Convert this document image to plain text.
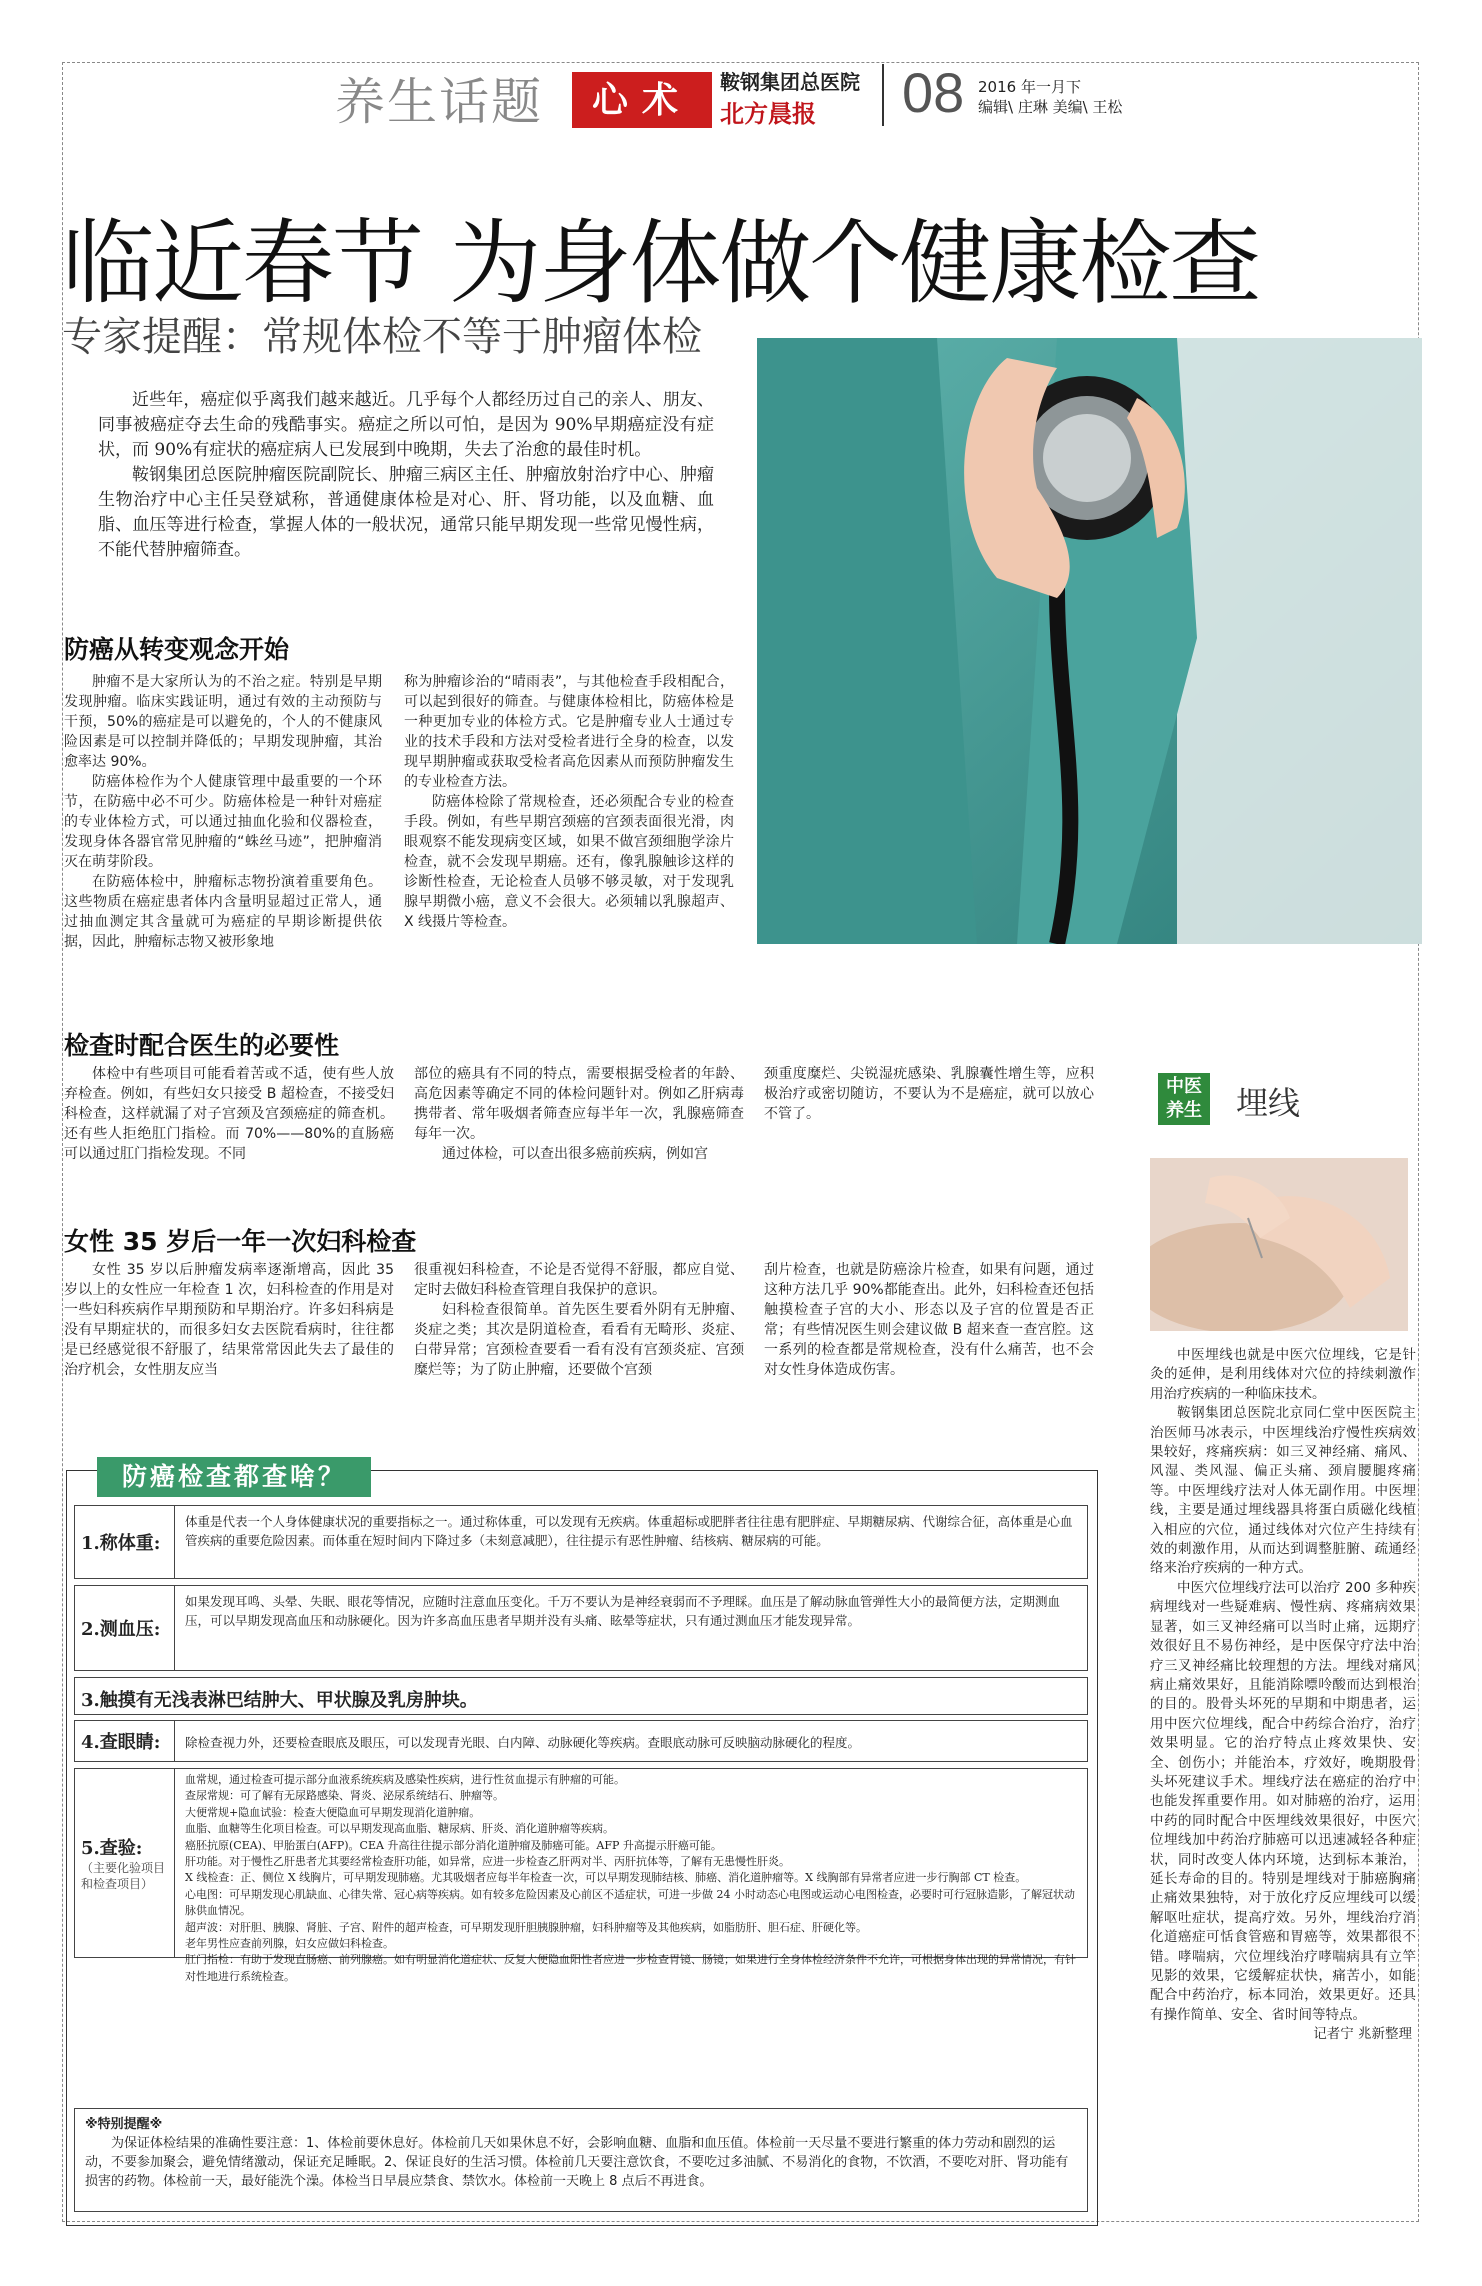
养生话题	心术	鞍钢集团总医院
北方晨报 08 2016 年一月下
编辑\ 庄琳 美编\ 王松
临近春节 为身体做个健康检查
专家提醒：常规体检不等于肿瘤体检

近些年，癌症似乎离我们越来越近。几乎每个人都经历过自己的亲人、朋友、同事被癌症夺去生命的残酷事实。癌症之所以可怕，是因为 90%早期癌症没有症状，而 90%有症状的癌症病人已发展到中晚期，失去了治愈的最佳时机。

鞍钢集团总医院肿瘤医院副院长、肿瘤三病区主任、肿瘤放射治疗中心、肿瘤生物治疗中心主任吴登斌称，普通健康体检是对心、肝、肾功能，以及血糖、血脂、血压等进行检查，掌握人体的一般状况，通常只能早期发现一些常见慢性病，不能代替肿瘤筛查。

防癌从转变观念开始

肿瘤不是大家所认为的不治之症。特别是早期发现肿瘤。临床实践证明，通过有效的主动预防与干预，50%的癌症是可以避免的，个人的不健康风险因素是可以控制并降低的；早期发现肿瘤，其治愈率达 90%。

防癌体检作为个人健康管理中最重要的一个环节，在防癌中必不可少。防癌体检是一种针对癌症的专业体检方式，可以通过抽血化验和仪器检查，发现身体各器官常见肿瘤的“蛛丝马迹”，把肿瘤消灭在萌芽阶段。

在防癌体检中，肿瘤标志物扮演着重要角色。这些物质在癌症患者体内含量明显超过正常人，通过抽血测定其含量就可为癌症的早期诊断提供依据，因此，肿瘤标志物又被形象地

称为肿瘤诊治的“晴雨表”，与其他检查手段相配合，可以起到很好的筛查。与健康体检相比，防癌体检是一种更加专业的体检方式。它是肿瘤专业人士通过专业的技术手段和方法对受检者进行全身的检查，以发现早期肿瘤或获取受检者高危因素从而预防肿瘤发生的专业检查方法。

防癌体检除了常规检查，还必须配合专业的检查手段。例如，有些早期宫颈癌的宫颈表面很光滑，肉眼观察不能发现病变区域，如果不做宫颈细胞学涂片检查，就不会发现早期癌。还有，像乳腺触诊这样的诊断性检查，无论检查人员够不够灵敏，对于发现乳腺早期微小癌，意义不会很大。必须辅以乳腺超声、X 线摄片等检查。

检查时配合医生的必要性

体检中有些项目可能看着苦或不适，使有些人放弃检查。例如，有些妇女只接受 B 超检查，不接受妇科检查，这样就漏了对子宫颈及宫颈癌症的筛查机。还有些人拒绝肛门指检。而 70%——80%的直肠癌可以通过肛门指检发现。不同

部位的癌具有不同的特点，需要根据受检者的年龄、高危因素等确定不同的体检问题针对。例如乙肝病毒携带者、常年吸烟者筛查应每半年一次，乳腺癌筛查每年一次。

通过体检，可以查出很多癌前疾病，例如宫

颈重度糜烂、尖锐湿疣感染、乳腺囊性增生等，应积极治疗或密切随访，不要认为不是癌症，就可以放心不管了。

女性 35 岁后一年一次妇科检查

女性 35 岁以后肿瘤发病率逐渐增高，因此 35 岁以上的女性应一年检查 1 次，妇科检查的作用是对一些妇科疾病作早期预防和早期治疗。许多妇科病是没有早期症状的，而很多妇女去医院看病时，往往都是已经感觉很不舒服了，结果常常因此失去了最佳的治疗机会，女性朋友应当

很重视妇科检查，不论是否觉得不舒服，都应自觉、定时去做妇科检查管理自我保护的意识。

妇科检查很简单。首先医生要看外阴有无肿瘤、炎症之类；其次是阴道检查，看看有无畸形、炎症、白带异常；宫颈检查要看一看有没有宫颈炎症、宫颈糜烂等；为了防止肿瘤，还要做个宫颈

刮片检查，也就是防癌涂片检查，如果有问题，通过这种方法几乎 90%都能查出。此外，妇科检查还包括触摸检查子宫的大小、形态以及子宫的位置是否正常；有些情况医生则会建议做 B 超来查一查宫腔。这一系列的检查都是常规检查，没有什么痛苦，也不会对女性身体造成伤害。

中医
养生 埋线

中医埋线也就是中医穴位埋线，它是针灸的延伸，是利用线体对穴位的持续刺激作用治疗疾病的一种临床技术。

鞍钢集团总医院北京同仁堂中医医院主治医师马冰表示，中医埋线治疗慢性疾病效果较好，疼痛疾病：如三叉神经痛、痛风、风湿、类风湿、偏正头痛、颈肩腰腿疼痛等。中医埋线疗法对人体无副作用。中医埋线，主要是通过埋线器具将蛋白质磁化线植入相应的穴位，通过线体对穴位产生持续有效的刺激作用，从而达到调整脏腑、疏通经络来治疗疾病的一种方式。

中医穴位埋线疗法可以治疗 200 多种疾病埋线对一些疑难病、慢性病、疼痛病效果显著，如三叉神经痛可以当时止痛，远期疗效很好且不易伤神经，是中医保守疗法中治疗三叉神经痛比较理想的方法。埋线对痛风病止痛效果好，且能消除嘌呤酸而达到根治的目的。股骨头坏死的早期和中期患者，运用中医穴位埋线，配合中药综合治疗，治疗效果明显。它的治疗特点止疼效果快、安全、创伤小；并能治本，疗效好，晚期股骨头坏死建议手术。埋线疗法在癌症的治疗中也能发挥重要作用。如对肺癌的治疗，运用中药的同时配合中医埋线效果很好，中医穴位埋线加中药治疗肺癌可以迅速减轻各种症状，同时改变人体内环境，达到标本兼治，延长寿命的目的。特别是埋线对于肺癌胸痛止痛效果独特，对于放化疗反应埋线可以缓解呕吐症状，提高疗效。另外，埋线治疗消化道癌症可恬食管癌和胃癌等，效果都很不错。哮喘病，穴位埋线治疗哮喘病具有立竿见影的效果，它缓解症状快，痛苦小，如能配合中药治疗，标本同治，效果更好。还具有操作简单、安全、省时间等特点。

记者宁 兆新整理
防癌检查都查啥？
1.称体重:
体重是代表一个人身体健康状况的重要指标之一。通过称体重，可以发现有无疾病。体重超标或肥胖者往往患有肥胖症、早期糖尿病、代谢综合征，高体重是心血管疾病的重要危险因素。而体重在短时间内下降过多（未刻意减肥），往往提示有恶性肿瘤、结核病、糖尿病的可能。
2.测血压:
如果发现耳鸣、头晕、失眠、眼花等情况，应随时注意血压变化。千万不要认为是神经衰弱而不予理睬。血压是了解动脉血管弹性大小的最简便方法，定期测血压，可以早期发现高血压和动脉硬化。因为许多高血压患者早期并没有头痛、眩晕等症状，只有通过测血压才能发现异常。
3.触摸有无浅表淋巴结肿大、甲状腺及乳房肿块。
4.查眼睛:	除检查视力外，还要检查眼底及眼压，可以发现青光眼、白内障、动脉硬化等疾病。查眼底动脉可反映脑动脉硬化的程度。
5.查验:
（主要化验项目和检查项目）
血常规，通过检查可提示部分血液系统疾病及感染性疾病，进行性贫血提示有肿瘤的可能。
查尿常规：可了解有无尿路感染、肾炎、泌尿系统结石、肿瘤等。
大便常规+隐血试验：检查大便隐血可早期发现消化道肿瘤。
血脂、血糖等生化项目检查。可以早期发现高血脂、糖尿病、肝炎、消化道肿瘤等疾病。
癌胚抗原(CEA)、甲胎蛋白(AFP)。CEA 升高往往提示部分消化道肿瘤及肺癌可能。AFP 升高提示肝癌可能。
肝功能。对于慢性乙肝患者尤其要经常检查肝功能，如异常，应进一步检查乙肝两对半、丙肝抗体等，了解有无患慢性肝炎。
X 线检查：正、侧位 X 线胸片，可早期发现肺癌。尤其吸烟者应每半年检查一次，可以早期发现肺结核、肺癌、消化道肿瘤等。X 线胸部有异常者应进一步行胸部 CT 检查。
心电图：可早期发现心肌缺血、心律失常、冠心病等疾病。如有较多危险因素及心前区不适症状，可进一步做 24 小时动态心电图或运动心电图检查，必要时可行冠脉造影，了解冠状动脉供血情况。
超声波：对肝胆、胰腺、肾脏、子宫、附件的超声检查，可早期发现肝胆胰腺肿瘤，妇科肿瘤等及其他疾病，如脂肪肝、胆石症、肝硬化等。
老年男性应查前列腺，妇女应做妇科检查。
肛门指检：有助于发现直肠癌、前列腺癌。如有明显消化道症状、反复大便隐血阳性者应进一步检查胃镜、肠镜；如果进行全身体检经济条件不允许，可根据身体出现的异常情况，有针对性地进行系统检查。
※特别提醒※
为保证体检结果的准确性要注意：1、体检前要休息好。体检前几天如果休息不好，会影响血糖、血脂和血压值。体检前一天尽量不要进行繁重的体力劳动和剧烈的运动，不要参加聚会，避免情绪激动，保证充足睡眠。2、保证良好的生活习惯。体检前几天要注意饮食，不要吃过多油腻、不易消化的食物，不饮酒，不要吃对肝、肾功能有损害的药物。体检前一天，最好能洗个澡。体检当日早晨应禁食、禁饮水。体检前一天晚上 8 点后不再进食。
